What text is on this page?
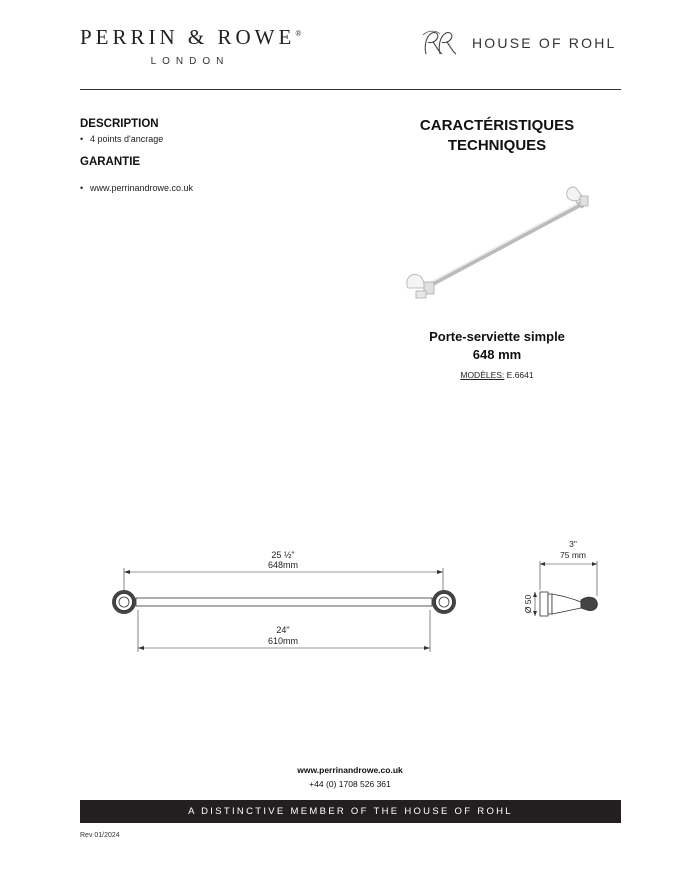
PERRIN & ROWE®
LONDON
HOUSE OF ROHL
DESCRIPTION
• 4 points d'ancrage
GARANTIE
• www.perrinandrowe.co.uk
CARACTÉRISTIQUES
TECHNIQUES
Porte-serviette simple
648 mm
MODÈLES: E.6641
25 ½"
648mm
24"
610mm
3"
75 mm
Ø 50
www.perrinandrowe.co.uk
+44 (0) 1708 526 361
A DISTINCTIVE MEMBER OF THE HOUSE OF ROHL
Rev 01/2024
